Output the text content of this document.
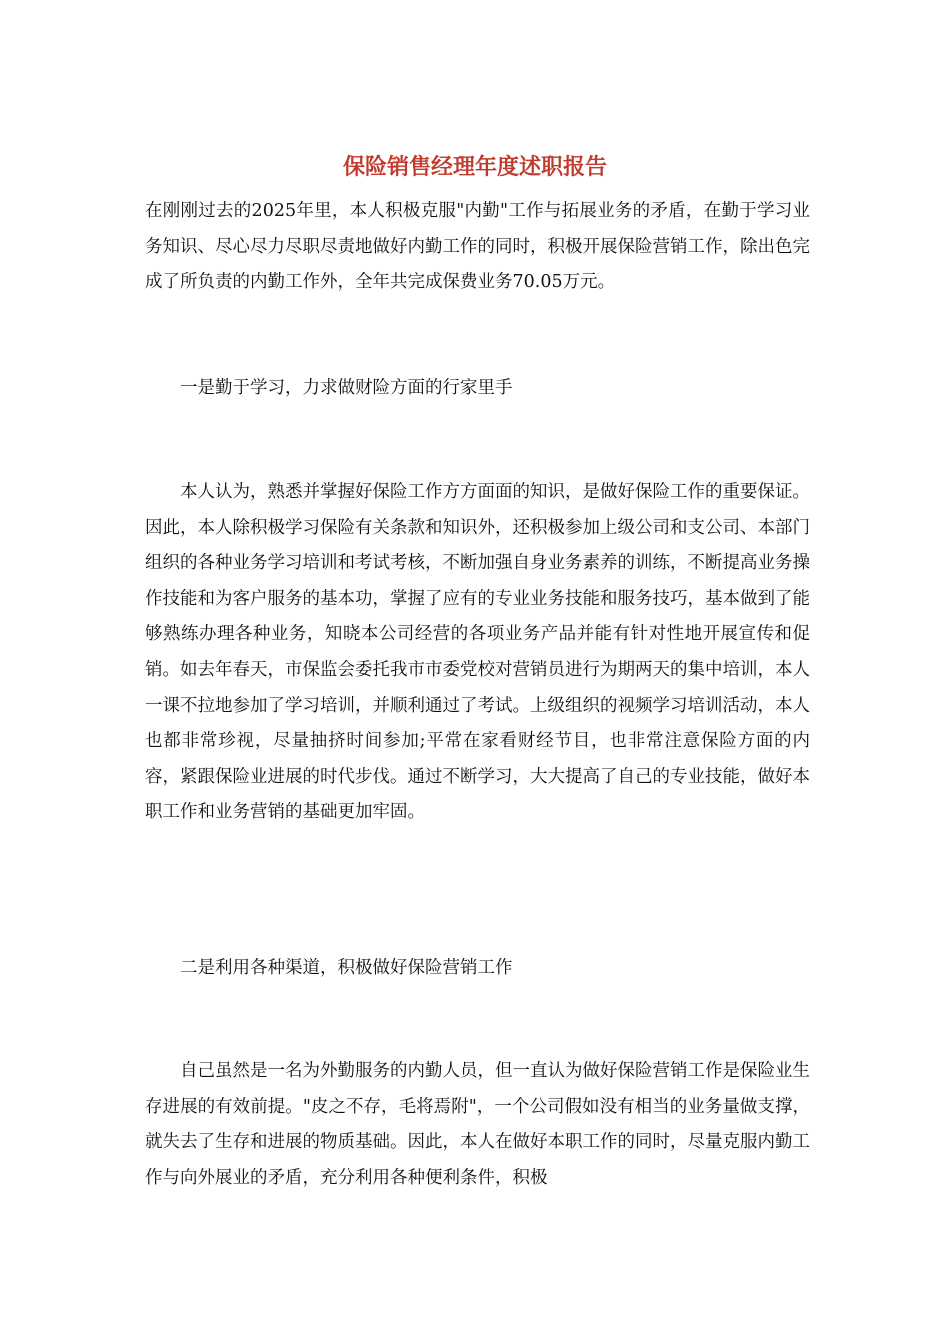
保险销售经理年度述职报告
在刚刚过去的2025年里，本人积极克服"内勤"工作与拓展业务的矛盾，在勤于学习业务知识、尽心尽力尽职尽责地做好内勤工作的同时，积极开展保险营销工作，除出色完成了所负责的内勤工作外，全年共完成保费业务70.05万元。
一是勤于学习，力求做财险方面的行家里手
本人认为，熟悉并掌握好保险工作方方面面的知识，是做好保险工作的重要保证。因此，本人除积极学习保险有关条款和知识外，还积极参加上级公司和支公司、本部门组织的各种业务学习培训和考试考核，不断加强自身业务素养的训练，不断提高业务操作技能和为客户服务的基本功，掌握了应有的专业业务技能和服务技巧，基本做到了能够熟练办理各种业务，知晓本公司经营的各项业务产品并能有针对性地开展宣传和促销。如去年春天，市保监会委托我市市委党校对营销员进行为期两天的集中培训，本人一课不拉地参加了学习培训，并顺利通过了考试。上级组织的视频学习培训活动，本人也都非常珍视，尽量抽挤时间参加;平常在家看财经节目，也非常注意保险方面的内容，紧跟保险业进展的时代步伐。通过不断学习，大大提高了自己的专业技能，做好本职工作和业务营销的基础更加牢固。
二是利用各种渠道，积极做好保险营销工作
自己虽然是一名为外勤服务的内勤人员，但一直认为做好保险营销工作是保险业生存进展的有效前提。"皮之不存，毛将焉附"，一个公司假如没有相当的业务量做支撑，就失去了生存和进展的物质基础。因此，本人在做好本职工作的同时，尽量克服内勤工作与向外展业的矛盾，充分利用各种便利条件，积极
